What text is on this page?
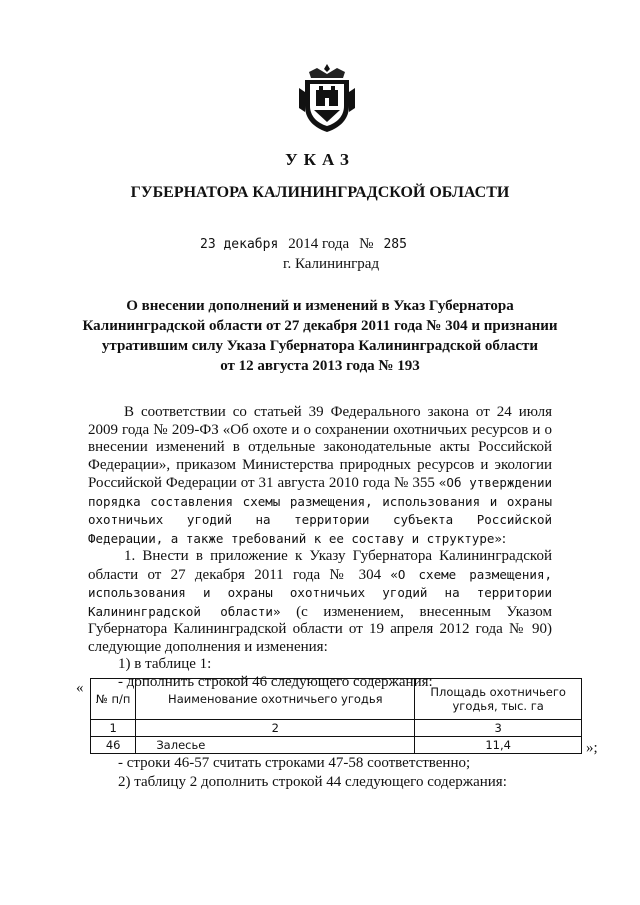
УКАЗ
ГУБЕРНАТОРА КАЛИНИНГРАДСКОЙ ОБЛАСТИ
23 декабря 2014 года № 285
г. Калининград
О внесении дополнений и изменений в Указ Губернатора
Калининградской области от 27 декабря 2011 года № 304 и признании
утратившим силу Указа Губернатора Калининградской области
от 12 августа 2013 года № 193

В соответствии со статьей 39 Федерального закона от 24 июля 2009 года № 209-ФЗ «Об охоте и о сохранении охотничьих ресурсов и о внесении изменений в отдельные законодательные акты Российской Федерации», приказом Министерства природных ресурсов и экологии Российской Федерации от 31 августа 2010 года № 355 «Об утверждении порядка составления схемы размещения, использования и охраны охотничьих угодий на территории субъекта Российской Федерации, а также требований к ее составу и структуре»:

1. Внести в приложение к Указу Губернатора Калининградской области от 27 декабря 2011 года № 304 «О схеме размещения, использования и охраны охотничьих угодий на территории Калининградской области» (с изменением, внесенным Указом Губернатора Калининградской области от 19 апреля 2012 года № 90) следующие дополнения и изменения:

1) в таблице 1:
- дополнить строкой 46 следующего содержания:
«
№ п/п	Наименование охотничьего угодья	Площадь охотничьего угодья, тыс. га
1	2	3
46	Залесье	11,4	»;
- строки 46-57 считать строками 47-58 соответственно;
2) таблицу 2 дополнить строкой 44 следующего содержания:
